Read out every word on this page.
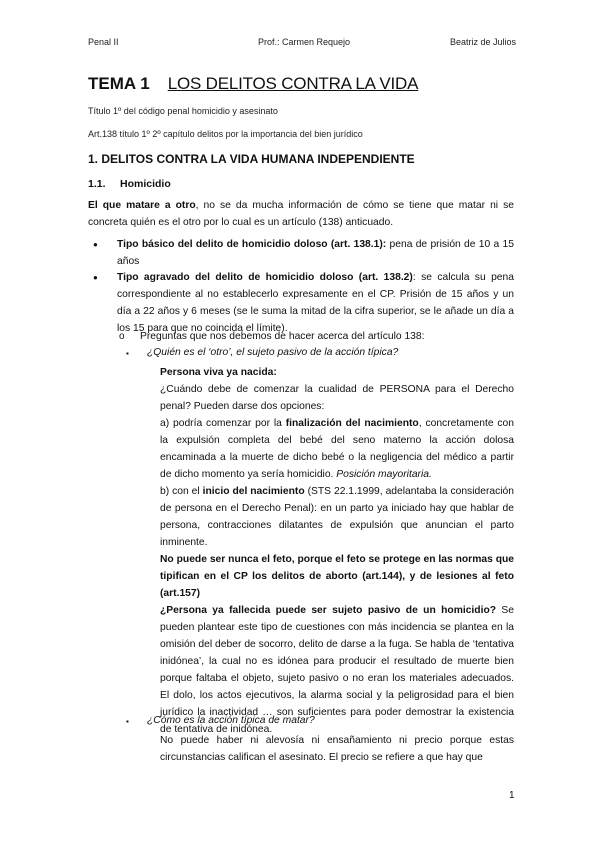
Penal II	Prof.: Carmen Requejo	Beatriz de Julios
TEMA 1 LOS DELITOS CONTRA LA VIDA
Título 1º del código penal homicidio y asesinato
Art.138 título 1º 2º capítulo delitos por la importancia del bien jurídico
1. DELITOS CONTRA LA VIDA HUMANA INDEPENDIENTE
1.1. Homicidio
El que matare a otro, no se da mucha información de cómo se tiene que matar ni se concreta quién es el otro por lo cual es un artículo (138) anticuado.
● Tipo básico del delito de homicidio doloso (art. 138.1): pena de prisión de 10 a 15 años
● Tipo agravado del delito de homicidio doloso (art. 138.2): se calcula su pena correspondiente al no establecerlo expresamente en el CP. Prisión de 15 años y un día a 22 años y 6 meses (se le suma la mitad de la cifra superior, se le añade un día a los 15 para que no coincida el límite).
o Preguntas que nos debemos de hacer acerca del artículo 138:
▪ ¿Quién es el ‘otro’, el sujeto pasivo de la acción típica?
Persona viva ya nacida:
¿Cuándo debe de comenzar la cualidad de PERSONA para el Derecho penal? Pueden darse dos opciones:
a) podría comenzar por la finalización del nacimiento, concretamente con la expulsión completa del bebé del seno materno la acción dolosa encaminada a la muerte de dicho bebé o la negligencia del médico a partir de dicho momento ya sería homicidio. Posición mayoritaria.
b) con el inicio del nacimiento (STS 22.1.1999, adelantaba la consideración de persona en el Derecho Penal): en un parto ya iniciado hay que hablar de persona, contracciones dilatantes de expulsión que anuncian el parto inminente.
No puede ser nunca el feto, porque el feto se protege en las normas que tipifican en el CP los delitos de aborto (art.144), y de lesiones al feto (art.157)
¿Persona ya fallecida puede ser sujeto pasivo de un homicidio? Se pueden plantear este tipo de cuestiones con más incidencia se plantea en la omisión del deber de socorro, delito de darse a la fuga. Se habla de ‘tentativa inidónea’, la cual no es idónea para producir el resultado de muerte bien porque faltaba el objeto, sujeto pasivo o no eran los materiales adecuados. El dolo, los actos ejecutivos, la alarma social y la peligrosidad para el bien jurídico la inactividad … son suficientes para poder demostrar la existencia de tentativa de inidónea.
▪ ¿Cómo es la acción típica de matar?
No puede haber ni alevosía ni ensañamiento ni precio porque estas circunstancias califican el asesinato. El precio se refiere a que hay que
1
